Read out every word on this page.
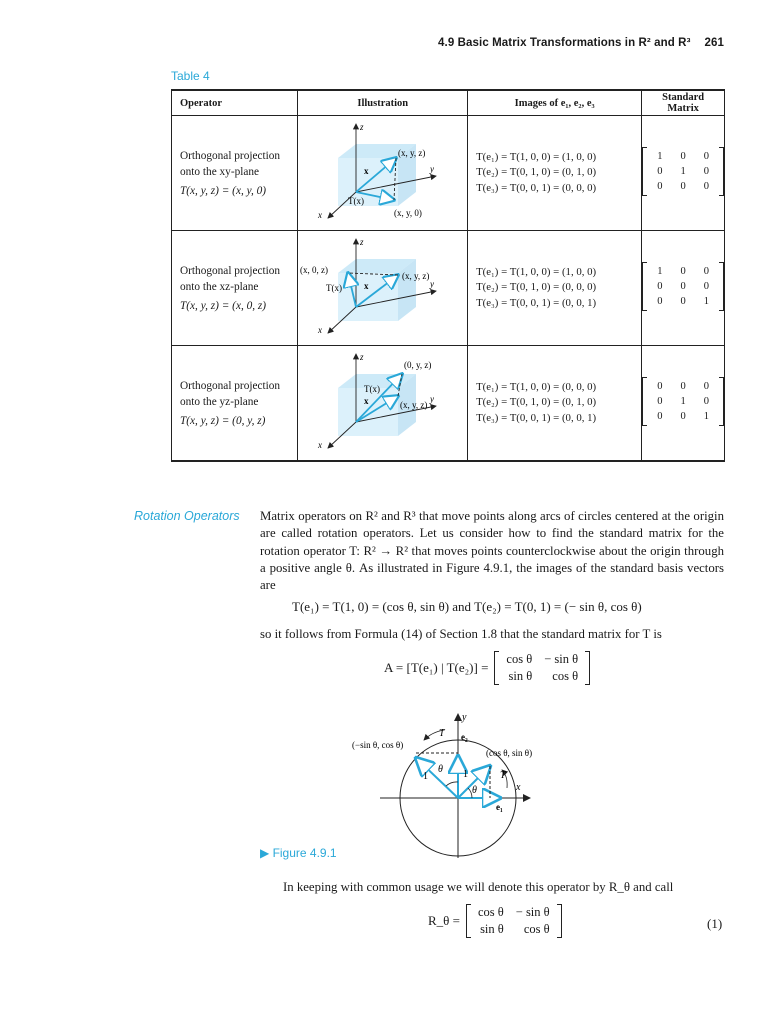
4.9 Basic Matrix Transformations in R² and R³ 261
Table 4
Operator	Illustration	Images of e₁, e₂, e₃	Standard Matrix

Orthogonal projection
onto the xy-plane
T(x, y, z) = (x, y, 0)

z
y
x
x
(x, y, z)
(x, y, 0)
T(x)

T(e₁) = T(1, 0, 0) = (1, 0, 0)
T(e₂) = T(0, 1, 0) = (0, 1, 0)
T(e₃) = T(0, 0, 1) = (0, 0, 0)

1	0	0
0	1	0
0	0	0

Orthogonal projection
onto the xz-plane
T(x, y, z) = (x, 0, z)

z
y
x
x
(x, y, z)
(x, 0, z)
T(x)

T(e₁) = T(1, 0, 0) = (1, 0, 0)
T(e₂) = T(0, 1, 0) = (0, 0, 0)
T(e₃) = T(0, 0, 1) = (0, 0, 1)

1	0	0
0	0	0
0	0	1

Orthogonal projection
onto the yz-plane
T(x, y, z) = (0, y, z)

z
y
x
x	(x, y, z)
(0, y, z)
T(x)	T(e₁) = T(1, 0, 0) = (0, 0, 0)
T(e₂) = T(0, 1, 0) = (0, 1, 0)
T(e₃) = T(0, 0, 1) = (0, 0, 1)

0	0	0
0	1	0
0	0	1
Rotation Operators Matrix operators on R² and R³ that move points along arcs of circles centered at the origin are called rotation operators. Let us consider how to find the standard matrix for the rotation operator T: R² → R² that moves points counterclockwise about the origin through a positive angle θ. As illustrated in Figure 4.9.1, the images of the standard basis vectors are
T(e₁) = T(1, 0) = (cos θ, sin θ) and T(e₂) = T(0, 1) = (− sin θ, cos θ)
so it follows from Formula (14) of Section 1.8 that the standard matrix for T is
A = [T(e₁) | T(e₂)] =
cos θ	− sin θ
sin θ	cos θ
y
x
e₁
e₂
T
T
1	1
θ
θ
(−sin θ, cos θ)
(cos θ, sin θ)
▶ Figure 4.9.1
In keeping with common usage we will denote this operator by R_θ and call
R_θ =
cos θ	− sin θ
sin θ	cos θ	(1)
